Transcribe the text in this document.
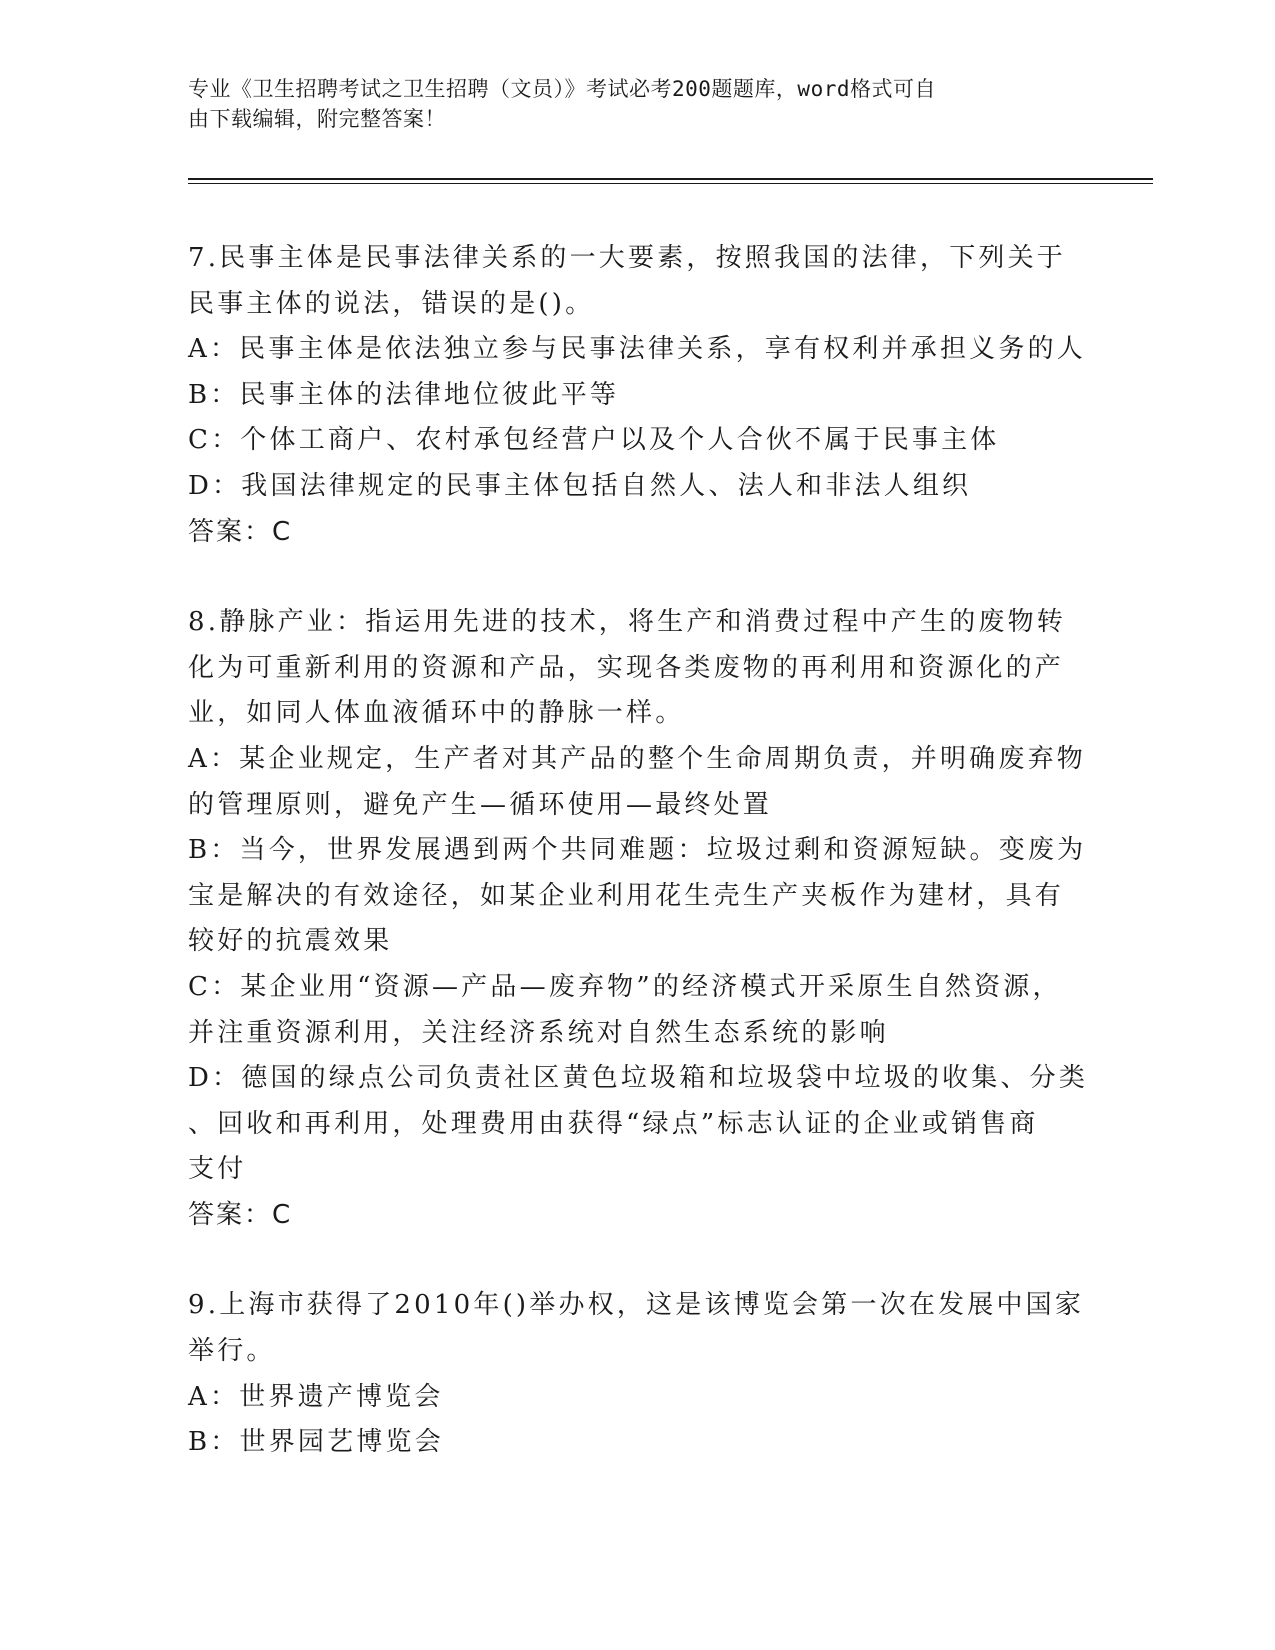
专业《卫生招聘考试之卫生招聘（文员）》考试必考200题题库，word格式可自
由下载编辑，附完整答案！
7.民事主体是民事法律关系的一大要素，按照我国的法律，下列关于
民事主体的说法，错误的是()。
A：民事主体是依法独立参与民事法律关系，享有权利并承担义务的人
B：民事主体的法律地位彼此平等
C：个体工商户、农村承包经营户以及个人合伙不属于民事主体
D：我国法律规定的民事主体包括自然人、法人和非法人组织
答案：C
8.静脉产业：指运用先进的技术，将生产和消费过程中产生的废物转
化为可重新利用的资源和产品，实现各类废物的再利用和资源化的产
业，如同人体血液循环中的静脉一样。
A：某企业规定，生产者对其产品的整个生命周期负责，并明确废弃物
的管理原则，避免产生—循环使用—最终处置
B：当今，世界发展遇到两个共同难题：垃圾过剩和资源短缺。变废为
宝是解决的有效途径，如某企业利用花生壳生产夹板作为建材，具有
较好的抗震效果
C：某企业用“资源—产品—废弃物”的经济模式开采原生自然资源，
并注重资源利用，关注经济系统对自然生态系统的影响
D：德国的绿点公司负责社区黄色垃圾箱和垃圾袋中垃圾的收集、分类
、回收和再利用，处理费用由获得“绿点”标志认证的企业或销售商
支付
答案：C
9.上海市获得了2010年()举办权，这是该博览会第一次在发展中国家
举行。
A：世界遗产博览会
B：世界园艺博览会
